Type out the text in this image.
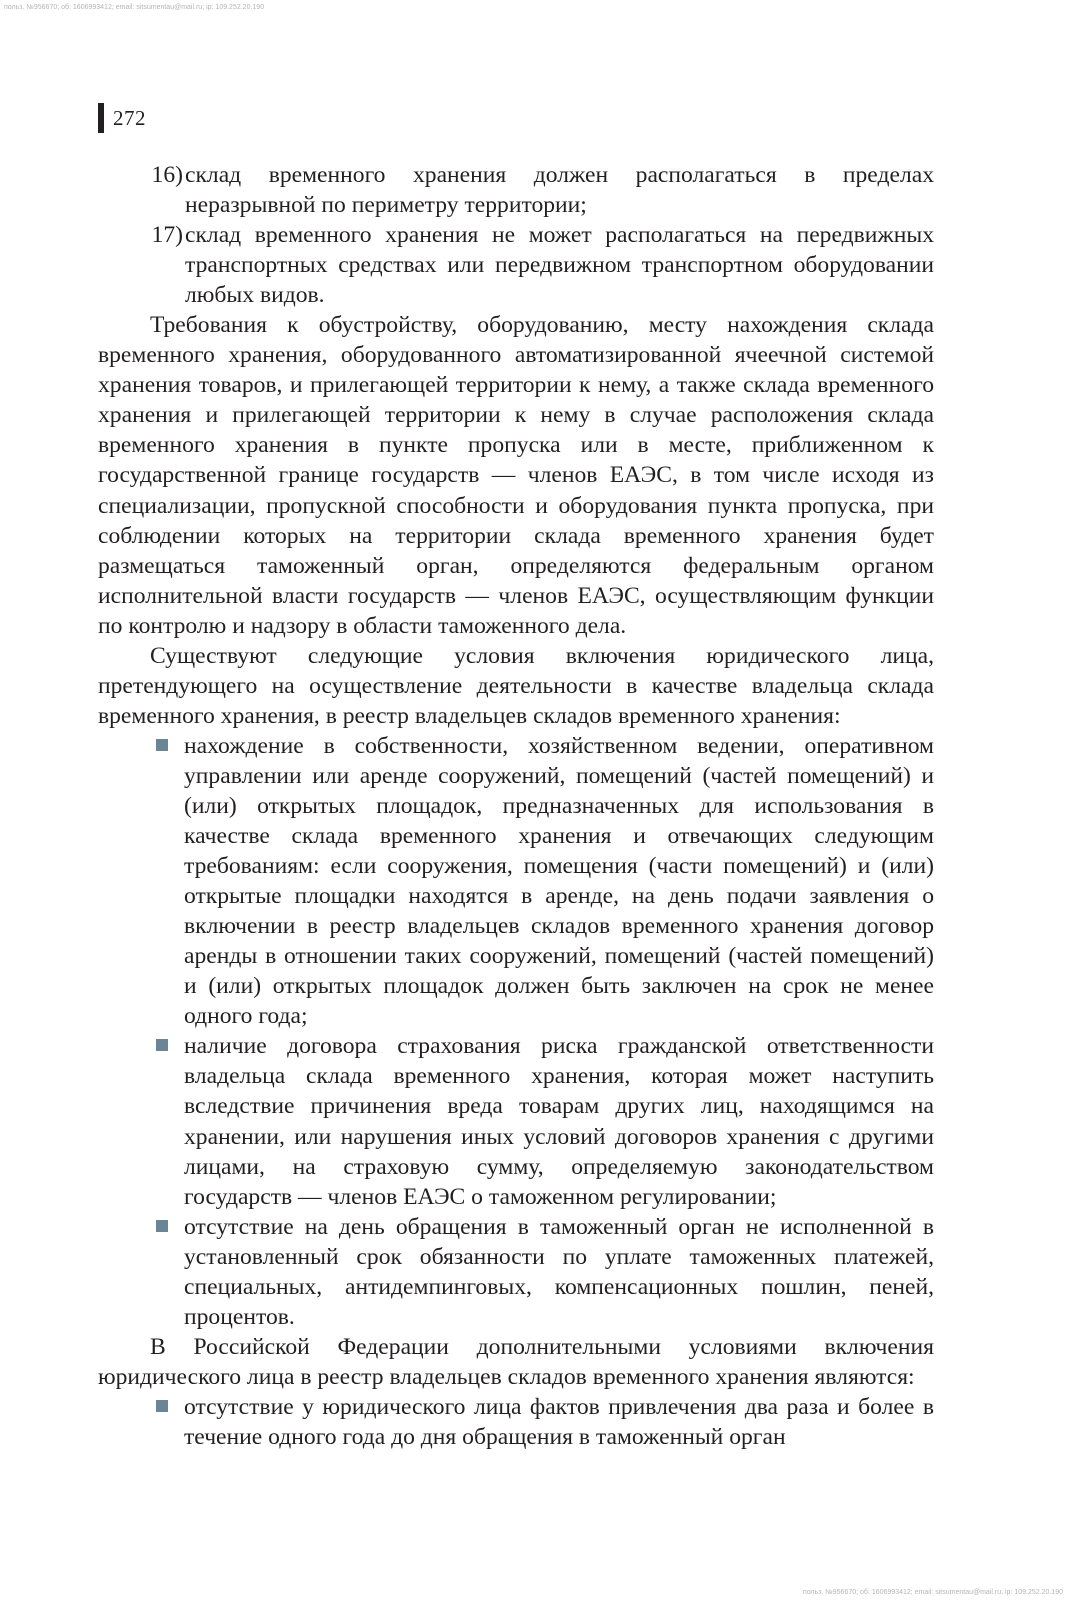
польз. №956670; об: 1606993412; email: sitsumentau@mail.ru; ip: 109.252.20.190
272
16) склад временного хранения должен располагаться в пределах неразрывной по периметру территории;
17) склад временного хранения не может располагаться на передвижных транспортных средствах или передвижном транспортном оборудовании любых видов.

Требования к обустройству, оборудованию, месту нахождения склада временного хранения, оборудованного автоматизированной ячеечной системой хранения товаров, и прилегающей территории к нему, а также склада временного хранения и прилегающей территории к нему в случае расположения склада временного хранения в пункте пропуска или в месте, приближенном к государственной границе государств — членов ЕАЭС, в том числе исходя из специализации, пропускной способности и оборудования пункта пропуска, при соблюдении которых на территории склада временного хранения будет размещаться таможенный орган, определяются федеральным органом исполнительной власти государств — членов ЕАЭС, осуществляющим функции по контролю и надзору в области таможенного дела.

Существуют следующие условия включения юридического лица, претендующего на осуществление деятельности в качестве владельца склада временного хранения, в реестр владельцев складов временного хранения:

нахождение в собственности, хозяйственном ведении, оперативном управлении или аренде сооружений, помещений (частей помещений) и (или) открытых площадок, предназначенных для использования в качестве склада временного хранения и отвечающих следующим требованиям: если сооружения, помещения (части помещений) и (или) открытые площадки находятся в аренде, на день подачи заявления о включении в реестр владельцев складов временного хранения договор аренды в отношении таких сооружений, помещений (частей помещений) и (или) открытых площадок должен быть заключен на срок не менее одного года;
наличие договора страхования риска гражданской ответственности владельца склада временного хранения, которая может наступить вследствие причинения вреда товарам других лиц, находящимся на хранении, или нарушения иных условий договоров хранения с другими лицами, на страховую сумму, определяемую законодательством государств — членов ЕАЭС о таможенном регулировании;
отсутствие на день обращения в таможенный орган не исполненной в установленный срок обязанности по уплате таможенных платежей, специальных, антидемпинговых, компенсационных пошлин, пеней, процентов.

В Российской Федерации дополнительными условиями включения юридического лица в реестр владельцев складов временного хранения являются:

отсутствие у юридического лица фактов привлечения два раза и более в течение одного года до дня обращения в таможенный орган
польз. №956670; об: 1606993412; email: sitsumentau@mail.ru; ip: 109.252.20.190
